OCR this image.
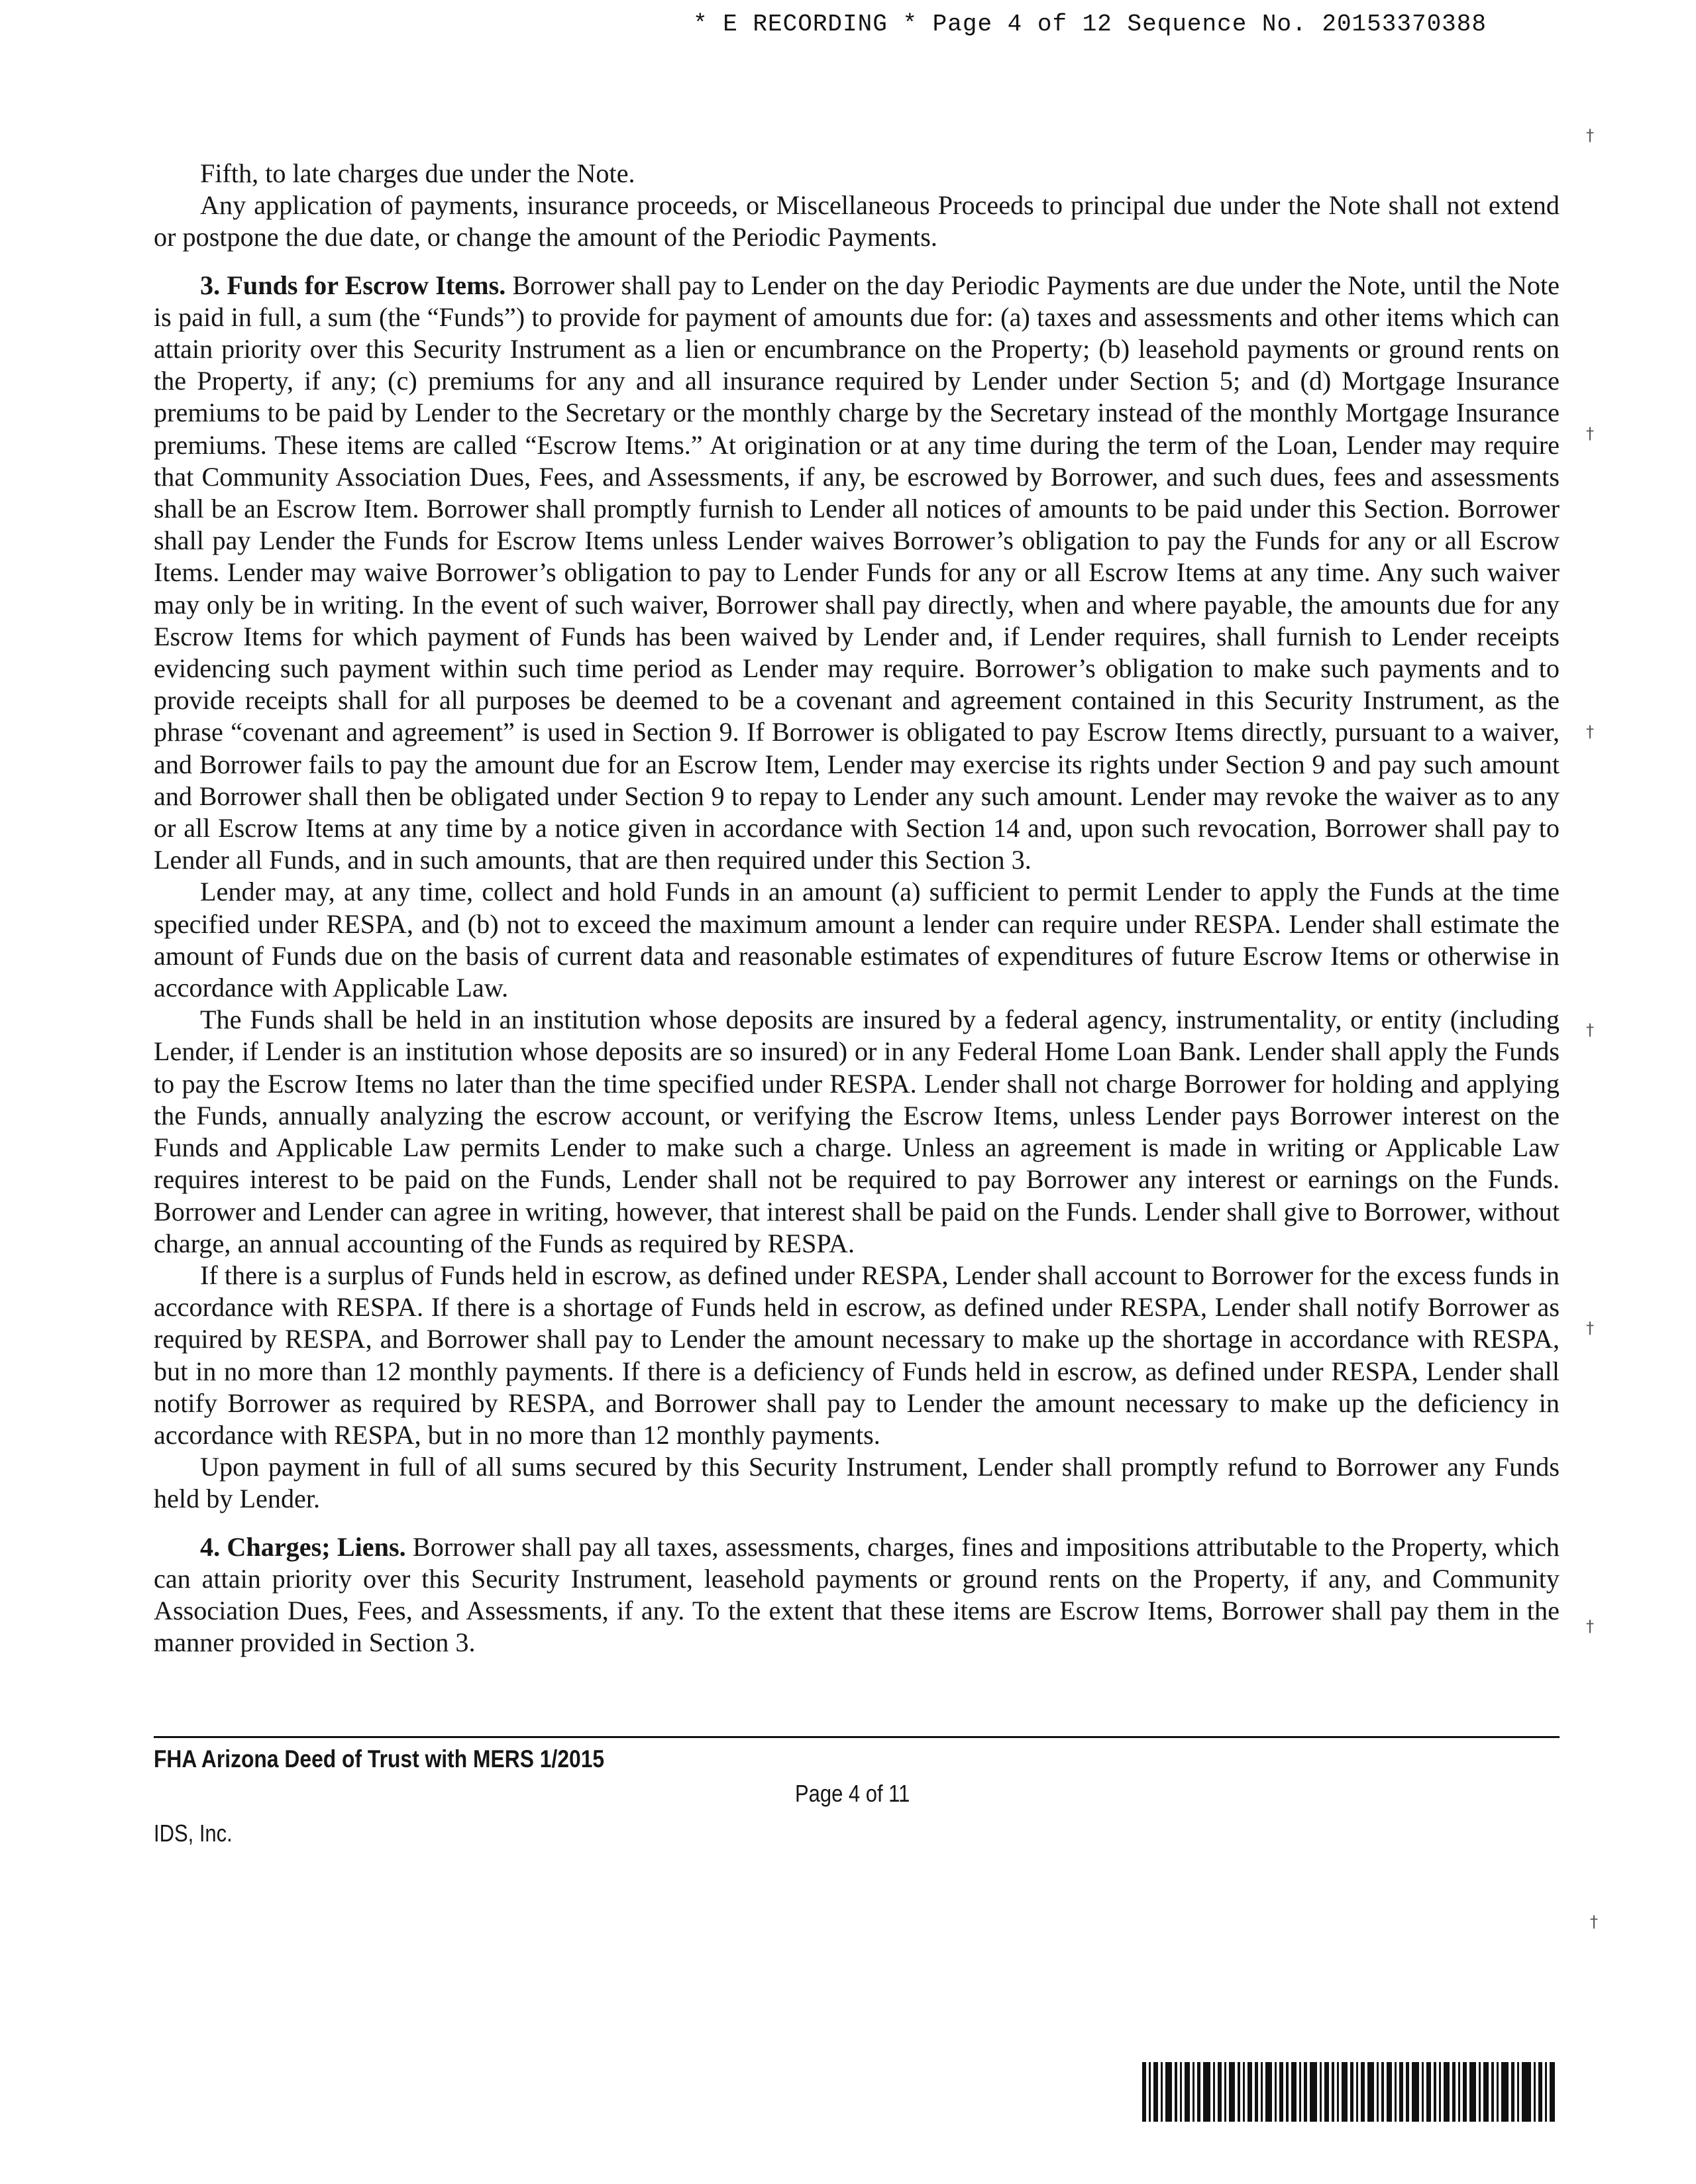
* E RECORDING * Page 4 of 12 Sequence No. 20153370388

Fifth, to late charges due under the Note.

Any application of payments, insurance proceeds, or Miscellaneous Proceeds to principal due under the Note shall not extend or postpone the due date, or change the amount of the Periodic Payments.

3. Funds for Escrow Items. Borrower shall pay to Lender on the day Periodic Payments are due under the Note, until the Note is paid in full, a sum (the “Funds”) to provide for payment of amounts due for: (a) taxes and assessments and other items which can attain priority over this Security Instrument as a lien or encumbrance on the Property; (b) leasehold payments or ground rents on the Property, if any; (c) premiums for any and all insurance required by Lender under Section 5; and (d) Mortgage Insurance premiums to be paid by Lender to the Secretary or the monthly charge by the Secretary instead of the monthly Mortgage Insurance premiums. These items are called “Escrow Items.” At origination or at any time during the term of the Loan, Lender may require that Community Association Dues, Fees, and Assessments, if any, be escrowed by Borrower, and such dues, fees and assessments shall be an Escrow Item. Borrower shall promptly furnish to Lender all notices of amounts to be paid under this Section. Borrower shall pay Lender the Funds for Escrow Items unless Lender waives Borrower’s obligation to pay the Funds for any or all Escrow Items. Lender may waive Borrower’s obligation to pay to Lender Funds for any or all Escrow Items at any time. Any such waiver may only be in writing. In the event of such waiver, Borrower shall pay directly, when and where payable, the amounts due for any Escrow Items for which payment of Funds has been waived by Lender and, if Lender requires, shall furnish to Lender receipts evidencing such payment within such time period as Lender may require. Borrower’s obligation to make such payments and to provide receipts shall for all purposes be deemed to be a covenant and agreement contained in this Security Instrument, as the phrase “covenant and agreement” is used in Section 9. If Borrower is obligated to pay Escrow Items directly, pursuant to a waiver, and Borrower fails to pay the amount due for an Escrow Item, Lender may exercise its rights under Section 9 and pay such amount and Borrower shall then be obligated under Section 9 to repay to Lender any such amount. Lender may revoke the waiver as to any or all Escrow Items at any time by a notice given in accordance with Section 14 and, upon such revocation, Borrower shall pay to Lender all Funds, and in such amounts, that are then required under this Section 3.

Lender may, at any time, collect and hold Funds in an amount (a) sufficient to permit Lender to apply the Funds at the time specified under RESPA, and (b) not to exceed the maximum amount a lender can require under RESPA. Lender shall estimate the amount of Funds due on the basis of current data and reasonable estimates of expenditures of future Escrow Items or otherwise in accordance with Applicable Law.

The Funds shall be held in an institution whose deposits are insured by a federal agency, instrumentality, or entity (including Lender, if Lender is an institution whose deposits are so insured) or in any Federal Home Loan Bank. Lender shall apply the Funds to pay the Escrow Items no later than the time specified under RESPA. Lender shall not charge Borrower for holding and applying the Funds, annually analyzing the escrow account, or verifying the Escrow Items, unless Lender pays Borrower interest on the Funds and Applicable Law permits Lender to make such a charge. Unless an agreement is made in writing or Applicable Law requires interest to be paid on the Funds, Lender shall not be required to pay Borrower any interest or earnings on the Funds. Borrower and Lender can agree in writing, however, that interest shall be paid on the Funds. Lender shall give to Borrower, without charge, an annual accounting of the Funds as required by RESPA.

If there is a surplus of Funds held in escrow, as defined under RESPA, Lender shall account to Borrower for the excess funds in accordance with RESPA. If there is a shortage of Funds held in escrow, as defined under RESPA, Lender shall notify Borrower as required by RESPA, and Borrower shall pay to Lender the amount necessary to make up the shortage in accordance with RESPA, but in no more than 12 monthly payments. If there is a deficiency of Funds held in escrow, as defined under RESPA, Lender shall notify Borrower as required by RESPA, and Borrower shall pay to Lender the amount necessary to make up the deficiency in accordance with RESPA, but in no more than 12 monthly payments.

Upon payment in full of all sums secured by this Security Instrument, Lender shall promptly refund to Borrower any Funds held by Lender.

4. Charges; Liens. Borrower shall pay all taxes, assessments, charges, fines and impositions attributable to the Property, which can attain priority over this Security Instrument, leasehold payments or ground rents on the Property, if any, and Community Association Dues, Fees, and Assessments, if any. To the extent that these items are Escrow Items, Borrower shall pay them in the manner provided in Section 3.

FHA Arizona Deed of Trust with MERS 1/2015
Page 4 of 11
IDS, Inc.
†
†
†
†
†
†
†
